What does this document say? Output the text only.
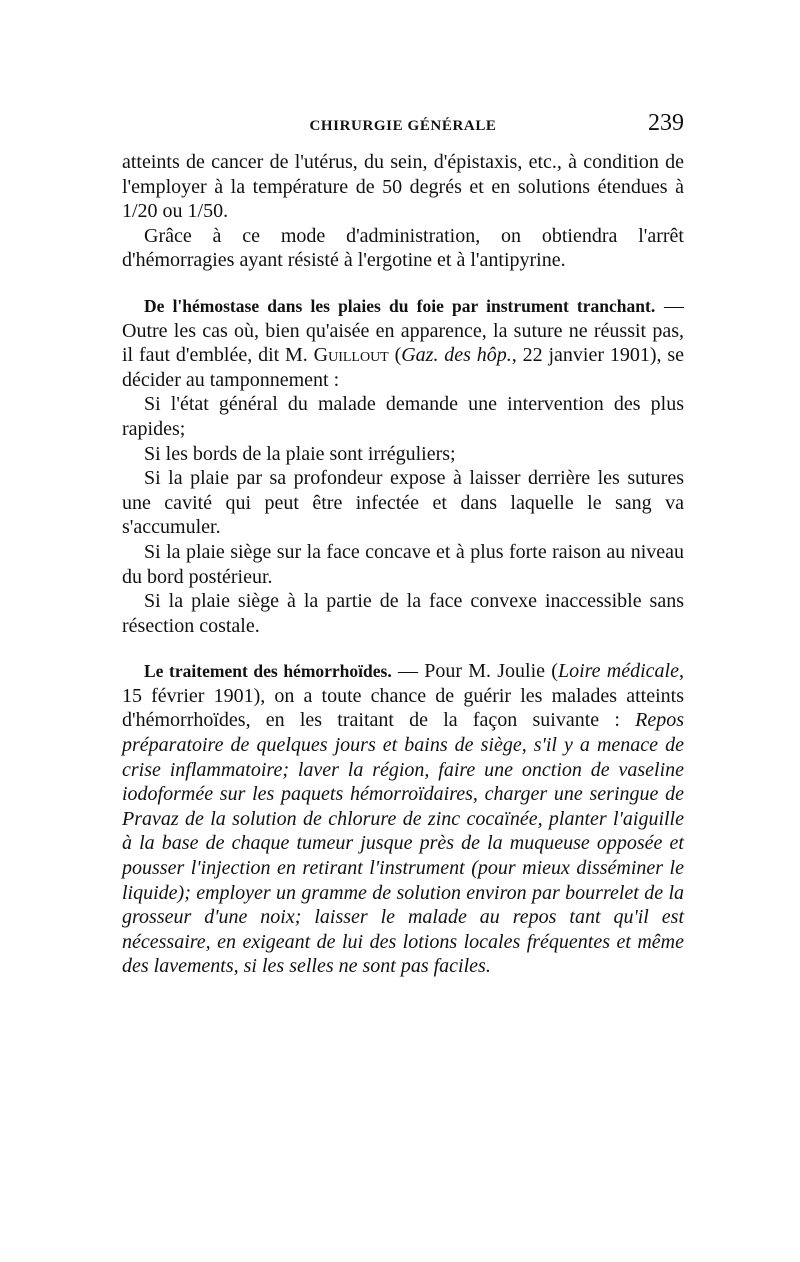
CHIRURGIE GÉNÉRALE	239

atteints de cancer de l'utérus, du sein, d'épistaxis, etc., à condition de l'employer à la température de 50 degrés et en solutions étendues à 1/20 ou 1/50.

Grâce à ce mode d'administration, on obtiendra l'arrêt d'hémorragies ayant résisté à l'ergotine et à l'antipyrine.

De l'hémostase dans les plaies du foie par instrument tranchant. — Outre les cas où, bien qu'aisée en apparence, la suture ne réussit pas, il faut d'emblée, dit M. Guillout (Gaz. des hôp., 22 janvier 1901), se décider au tamponnement :

Si l'état général du malade demande une intervention des plus rapides;

Si les bords de la plaie sont irréguliers;

Si la plaie par sa profondeur expose à laisser derrière les sutures une cavité qui peut être infectée et dans laquelle le sang va s'accumuler.

Si la plaie siège sur la face concave et à plus forte raison au niveau du bord postérieur.

Si la plaie siège à la partie de la face convexe inaccessible sans résection costale.

Le traitement des hémorrhoïdes. — Pour M. Joulie (Loire médicale, 15 février 1901), on a toute chance de guérir les malades atteints d'hémorrhoïdes, en les traitant de la façon suivante : Repos préparatoire de quelques jours et bains de siège, s'il y a menace de crise inflammatoire; laver la région, faire une onction de vaseline iodoformée sur les paquets hémorroïdaires, charger une seringue de Pravaz de la solution de chlorure de zinc cocaïnée, planter l'aiguille à la base de chaque tumeur jusque près de la muqueuse opposée et pousser l'injection en retirant l'instrument (pour mieux disséminer le liquide); employer un gramme de solution environ par bourrelet de la grosseur d'une noix; laisser le malade au repos tant qu'il est nécessaire, en exigeant de lui des lotions locales fréquentes et même des lavements, si les selles ne sont pas faciles.
